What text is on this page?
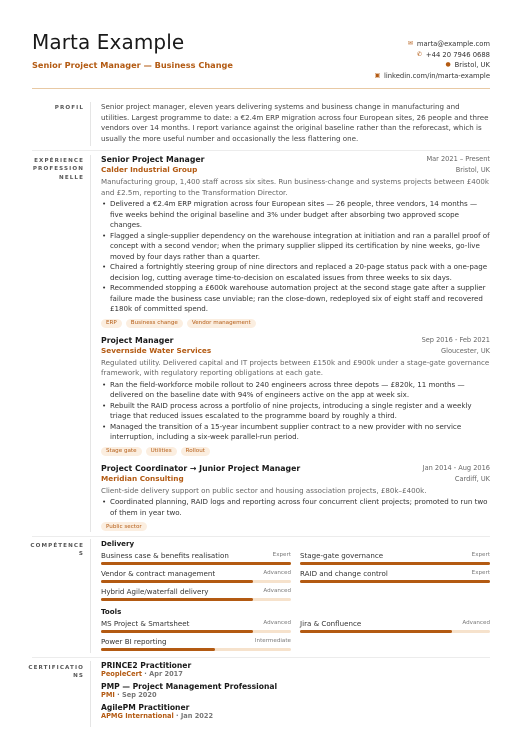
Marta Example
Senior Project Manager — Business Change
✉ marta@example.com
✆ +44 20 7946 0688
● Bristol, UK
▣ linkedin.com/in/marta-example
PROFIL Senior project manager, eleven years delivering systems and business change in manufacturing and utilities. Largest programme to date: a €2.4m ERP migration across four European sites, 26 people and three vendors over 14 months. I report variance against the original baseline rather than the reforecast, which is usually the more useful number and occasionally the less flattering one.
EXPÉRIENCE PROFESSIONNELLE
Senior Project Manager	Mar 2021 – Present
Calder Industrial Group	Bristol, UK
Manufacturing group, 1,400 staff across six sites. Run business-change and systems projects between £400k and £2.5m, reporting to the Transformation Director.
• Delivered a €2.4m ERP migration across four European sites — 26 people, three vendors, 14 months — five weeks behind the original baseline and 3% under budget after absorbing two approved scope changes.
• Flagged a single-supplier dependency on the warehouse integration at initiation and ran a parallel proof of concept with a second vendor; when the primary supplier slipped its certification by nine weeks, go-live moved by four days rather than a quarter.
• Chaired a fortnightly steering group of nine directors and replaced a 20-page status pack with a one-page decision log, cutting average time-to-decision on escalated issues from three weeks to six days.
• Recommended stopping a £600k warehouse automation project at the second stage gate after a supplier failure made the business case unviable; ran the close-down, redeployed six of eight staff and recovered £180k of committed spend.
ERP	Business change	Vendor management
Project Manager	Sep 2016 - Feb 2021
Severnside Water Services	Gloucester, UK
Regulated utility. Delivered capital and IT projects between £150k and £900k under a stage-gate governance framework, with regulatory reporting obligations at each gate.
• Ran the field-workforce mobile rollout to 240 engineers across three depots — £820k, 11 months — delivered on the baseline date with 94% of engineers active on the app at week six.
• Rebuilt the RAID process across a portfolio of nine projects, introducing a single register and a weekly triage that reduced issues escalated to the programme board by roughly a third.
• Managed the transition of a 15-year incumbent supplier contract to a new provider with no service interruption, including a six-week parallel-run period.
Stage gate	Utilities	Rollout
Project Coordinator → Junior Project Manager	Jan 2014 - Aug 2016
Meridian Consulting	Cardiff, UK
Client-side delivery support on public sector and housing association projects, £80k–£400k.
• Coordinated planning, RAID logs and reporting across four concurrent client projects; promoted to run two of them in year two.
Public sector
COMPÉTENCES
Delivery
Business case & benefits realisation	Expert Stage-gate governance	Expert
Vendor & contract management	Advanced RAID and change control	Expert
Hybrid Agile/waterfall delivery	Advanced
Tools
MS Project & Smartsheet	Advanced Jira & Confluence	Advanced
Power BI reporting	Intermediate
CERTIFICATIONS
PRINCE2 Practitioner
PeopleCert · Apr 2017
PMP — Project Management Professional
PMI · Sep 2020
AgilePM Practitioner
APMG International · Jan 2022
